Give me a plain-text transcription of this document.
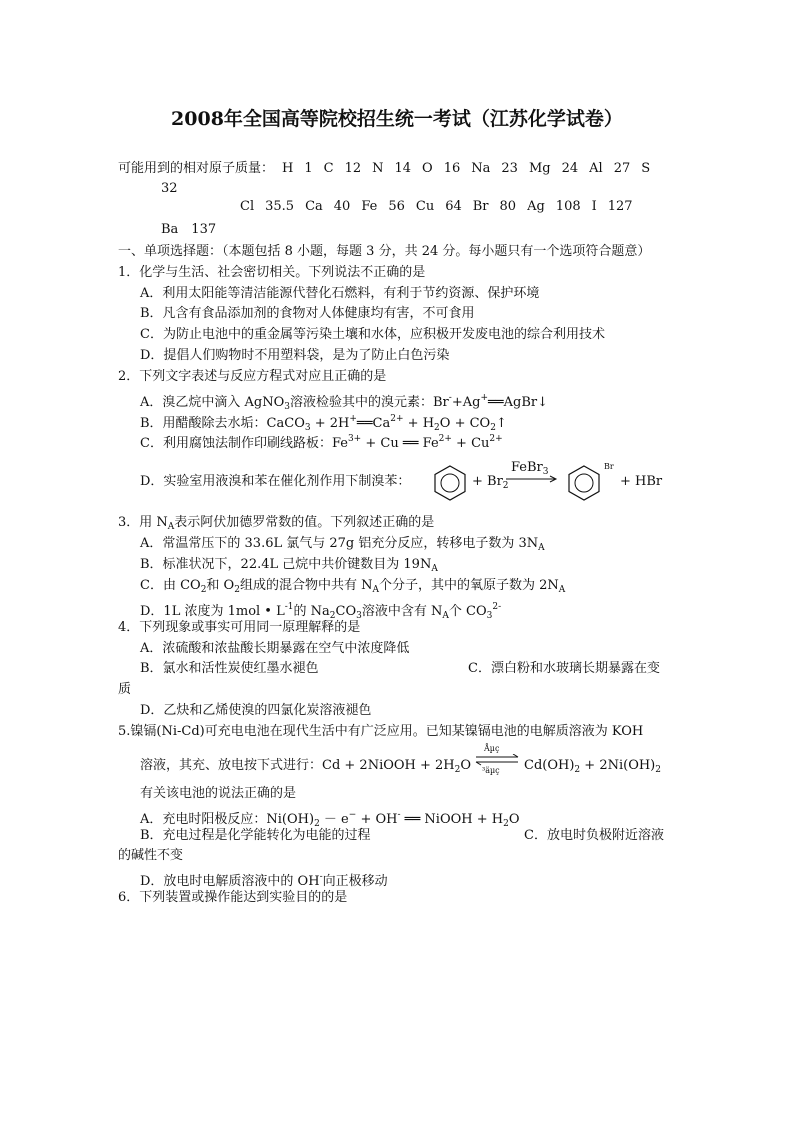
2008年全国高等院校招生统一考试（江苏化学试卷）
可能用到的相对原子质量： H 1 C 12 N 14 O 16 Na 23 Mg 24 Al 27 S
32
Cl 35.5 Ca 40 Fe 56 Cu 64 Br 80 Ag 108 I 127
Ba　137
一、单项选择题：（本题包括 8 小题，每题 3 分，共 24 分。每小题只有一个选项符合题意）
1．化学与生活、社会密切相关。下列说法不正确的是
A．利用太阳能等清洁能源代替化石燃料，有利于节约资源、保护环境
B．凡含有食品添加剂的食物对人体健康均有害，不可食用
C．为防止电池中的重金属等污染土壤和水体，应积极开发废电池的综合利用技术
D．提倡人们购物时不用塑料袋，是为了防止白色污染
2．下列文字表述与反应方程式对应且正确的是
A．溴乙烷中滴入 AgNO$_3$溶液检验其中的溴元素：Br-+Ag+══AgBr↓
B．用醋酸除去水垢：CaCO$_3$ + $2H^+══Ca^{2+} + H_2O$ + $CO_2↑$
C．利用腐蚀法制作印刷线路板：$Fe^{3+} + Cu$ ══ $Fe^{2+} + Cu^{2+}$
D．实验室用液溴和苯在催化剂作用下制溴苯：	+ $Br_2$
FeBr$_3$
Br
+ HBr
3．用 $N_A$表示阿伏加德罗常数的值。下列叙述正确的是
A．常温常压下的 33.6L 氯气与 27g 铝充分反应，转移电子数为 $3N_A$
B．标准状况下，22.4L 己烷中共价键数目为 $19N_A$
C．由 $CO_2$和 $O_2$组成的混合物中共有 $N_A$个分子，其中的氧原子数为 $2N_A$
D．1L 浓度为 1mol • $L^{-1}$的 $Na_2CO_3$溶液中含有 $N_A$个 $CO_3^{2-}$
4．下列现象或事实可用同一原理解释的是
A．浓硫酸和浓盐酸长期暴露在空气中浓度降低
B．氯水和活性炭使红墨水褪色	C．漂白粉和水玻璃长期暴露在变
质
D．乙炔和乙烯使溴的四氯化炭溶液褪色
5.镍镉(Ni-Cd)可充电电池在现代生活中有广泛应用。已知某镍镉电池的电解质溶液为 KOH
溶液，其充、放电按下式进行：Cd + 2NiOOH + $2H_2O$
Åµç
³äµç $Cd(OH)_2 + 2Ni(OH)_2$
有关该电池的说法正确的是
A．充电时阳极反应：$Ni(OH)_2 - e^- + OH^-$ ══ NiOOH + $H_2O$
B．充电过程是化学能转化为电能的过程	C．放电时负极附近溶液
的碱性不变
D．放电时电解质溶液中的 OH-向正极移动
6．下列装置或操作能达到实验目的的是
